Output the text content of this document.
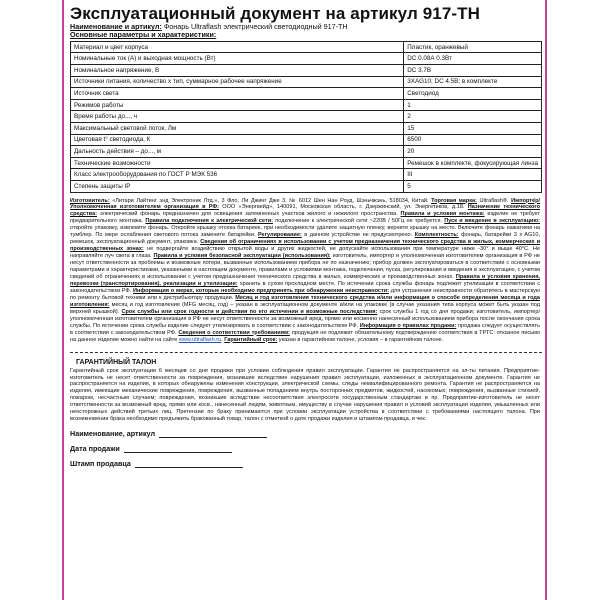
Эксплуатационный документ на артикул 917-TH
Наименование и артикул: Фонарь Ultraflash электрический светодиодный 917-TH
Основные параметры и характеристики:
Материал и цвет корпуса	Пластик, оранжевый
Номинальные ток (А) и выходная мощность (Вт)	DC 0.08А 0.3Вт
Номинальное напряжение, В	DC 3.7В
Источники питания, количество х тип, суммарное рабочее напряжение	3XAG10; DC 4.5В; в комплекте
Источник света	Светодиод
Режимов работы	1
Время работы до..., ч	2
Максимальный световой поток, Лм	15
Цветовая t° светодиода, К	6500
Дальность действия – до..., м	20
Технические возможности	Ремешок в комплекте, фокусирующая линза
Класс электрооборудования по ГОСТ Р МЭК 536	III
Степень защиты IP	5

Изготовитель: «Литари Лайтинг энд Электроник Лтд.», 3 Фло, Ли Джинг Дже 3, № 6012 Шен Нан Роуд, Шэньчжэнь, 518034, Китай. Торговая марка: Ultraflash®. Импортёр/Уполномоченная изготовителем организация в РФ: ООО «Энергвейд», 140091, Московская область, г. Дзержинский, ул. Энергетиков, д.18. Назначение технического средства: электрический фонарь предназначен для освещения затемненных участков жилого и нежилого пространства. Правила и условия монтажа: изделие не требует предварительного монтажа. Правила подключения к электрической сети: подключение к электрической сети ~220В / 50Гц не требуется. Пуск и введение в эксплуатацию: откройте упаковку, извлеките фонарь. Откройте крышку отсека батареек, при необходимости удалите защитную пленку, верните крышку на место. Включите фонарь нажатием на тумблер. По мере ослабления светового потока замените батарейки. Регулирование: в данном устройстве не предусмотрено. Комплектность: фонарь, батарейки 3 x AG10, ремешок, эксплуатационный документ, упаковка. Сведения об ограничениях в использовании с учетом предназначения технического средства в жилых, коммерческих и производственных зонах: не подвергайте воздействию открытой воды и других жидкостей, не допускайте использования при температуре ниже -30° и выше 40°С. Не направляйте луч света в глаза. Правила и условия безопасной эксплуатации (использования): изготовитель, импортер и уполномоченная изготовителем организация в РФ не несут ответственности за проблемы и возможные потери, вызванные использованием прибора не по назначению; прибор должен эксплуатироваться в соответствии с основными параметрами и характеристиками, указанными в настоящем документе, правилами и условиями монтажа, подключения, пуска, регулирования и введения в эксплуатацию, с учетом сведений об ограничениях в использовании с учетом предназначения технического средства в жилых, коммерческих и производственных зонах. Правила и условия хранения, перевозки (транспортирования), реализации и утилизации: хранить в сухом прохладном месте. По истечении срока службы фонарь подлежит утилизации в соответствии с законодательством РФ. Информация о мерах, которые необходимо предпринять при обнаружении неисправности: для устранения неисправности обратитесь в мастерскую по ремонту бытовой техники или к дистрибьютору продукции. Месяц и год изготовления технического средства и/или информация о способе определения месяца и года изготовления: месяц и год изготовления (MFG месяц, год) – указан в эксплуатационном документе и/или на упаковке (в случае указания типа корпуса может быть указан под верхней крышкой). Срок службы или срок годности и действия по его истечении и возможные последствия: срок службы 1 год со дня продажи; изготовитель, импортер/уполномоченная изготовителем организация в РФ не несут ответственности за возможный вред, прямо или косвенно нанесенный использованием прибора после окончания срока службы. По истечении срока службы изделие следует утилизировать в соответствии с законодательством РФ. Информация о правилах продажи: продажа следует осуществлять в соответствии с законодательством РФ. Сведения о соответствии требованиям: продукция не подлежит обязательному подтверждению соответствия в ТРТС: отказное письмо на данное изделие можно найти на сайте www.ultraflash.ru. Гарантийный срок: указан в гарантийном талоне, условия – в гарантийном талоне.

ГАРАНТИЙНЫЙ ТАЛОН
Гарантийный срок эксплуатации 6 месяцев со дня продажи при условии соблюдения правил эксплуатации. Гарантия не распространяется на эл-ты питания. Предприятие-изготовитель не несет ответственности за повреждения, возникшие вследствие нарушения правил эксплуатации, изложенных в эксплуатационном документе. Гарантия не распространяется на изделия, в которых обнаружены изменения конструкции, электрической схемы, следы неквалифицированного ремонта. Гарантия не распространяется на изделия, имеющие механические повреждения, повреждения, вызванные попаданием внутрь посторонних предметов, жидкостей, насекомых; повреждения, вызванные стихией, пожаром, несчастным случаем; повреждения, возникшие вследствие несоответствия электросети государственным стандартам и пр. Предприятие-изготовитель не несет ответственности за возможный вред, прямо или косв., нанесенный людям, животным, имуществу в случае нарушения правил и условий эксплуатации изделия, умышленных или неосторожных действий третьих лиц. Претензии по браку принимаются при условии эксплуатации устройства в соответствии с требованиями настоящего талона. При возникновении брака необходимо предъявить бракованный товар, талон с отметкой о дате продажи изделия и штампом продавца, и чек.
Наименование, артикул
Дата продажи
Штамп продавца
